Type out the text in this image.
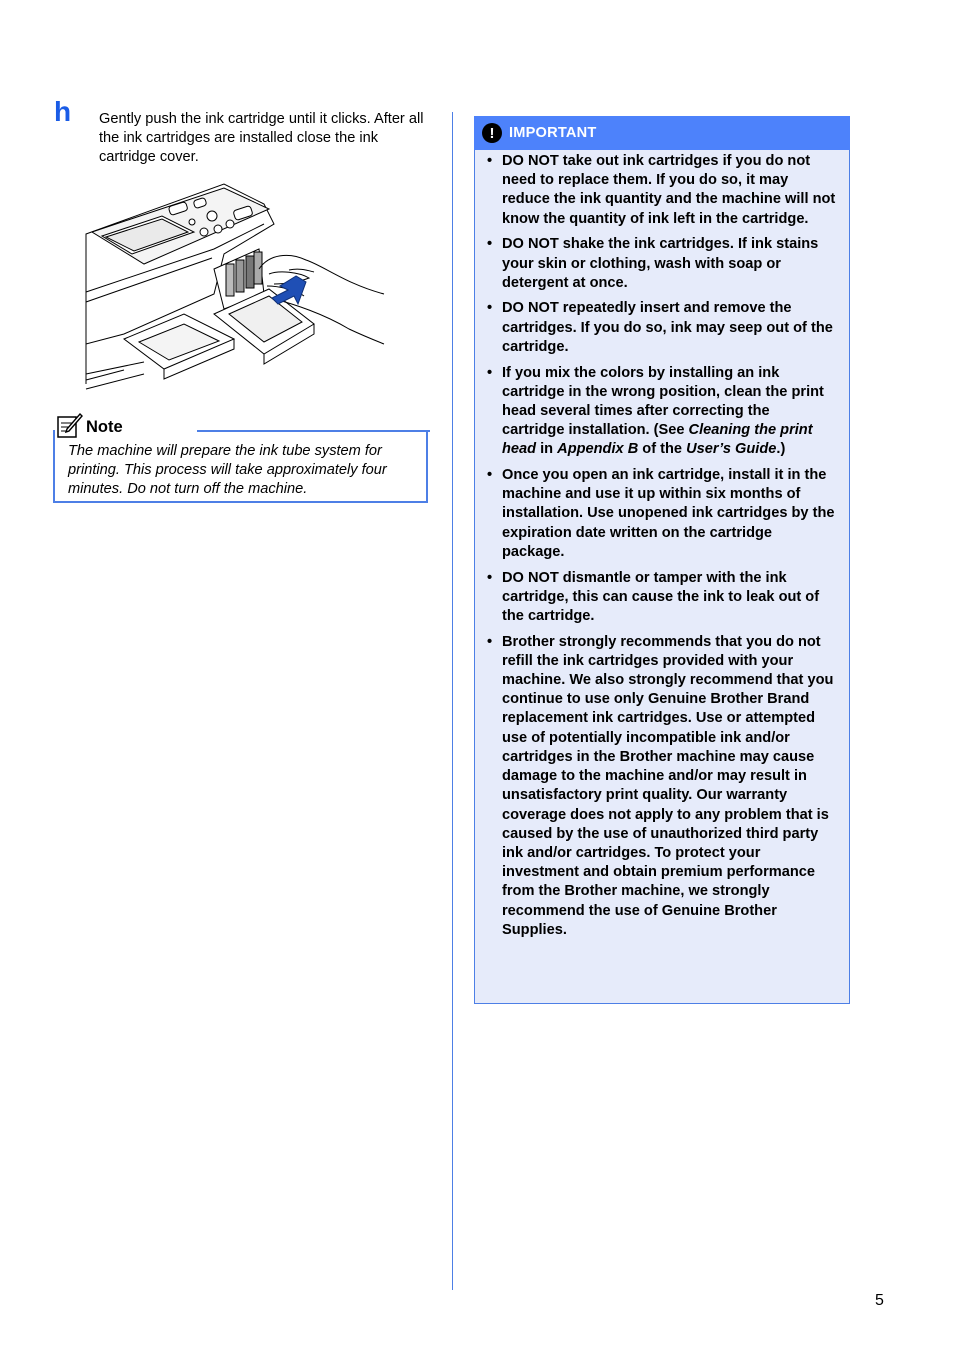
h Gently push the ink cartridge until it clicks. After all the ink cartridges are installed close the ink cartridge cover.
Note
The machine will prepare the ink tube system for printing. This process will take approximately four minutes. Do not turn off the machine.
! IMPORTANT
• DO NOT take out ink cartridges if you do not need to replace them. If you do so, it may reduce the ink quantity and the machine will not know the quantity of ink left in the cartridge.
• DO NOT shake the ink cartridges. If ink stains your skin or clothing, wash with soap or detergent at once.
• DO NOT repeatedly insert and remove the cartridges. If you do so, ink may seep out of the cartridge.
• If you mix the colors by installing an ink cartridge in the wrong position, clean the print head several times after correcting the cartridge installation. (See Cleaning the print head in Appendix B of the User’s Guide.)
• Once you open an ink cartridge, install it in the machine and use it up within six months of installation. Use unopened ink cartridges by the expiration date written on the cartridge package.
• DO NOT dismantle or tamper with the ink cartridge, this can cause the ink to leak out of the cartridge.
• Brother strongly recommends that you do not refill the ink cartridges provided with your machine. We also strongly recommend that you continue to use only Genuine Brother Brand replacement ink cartridges. Use or attempted use of potentially incompatible ink and/or cartridges in the Brother machine may cause damage to the machine and/or may result in unsatisfactory print quality. Our warranty coverage does not apply to any problem that is caused by the use of unauthorized third party ink and/or cartridges. To protect your investment and obtain premium performance from the Brother machine, we strongly recommend the use of Genuine Brother Supplies.
5
